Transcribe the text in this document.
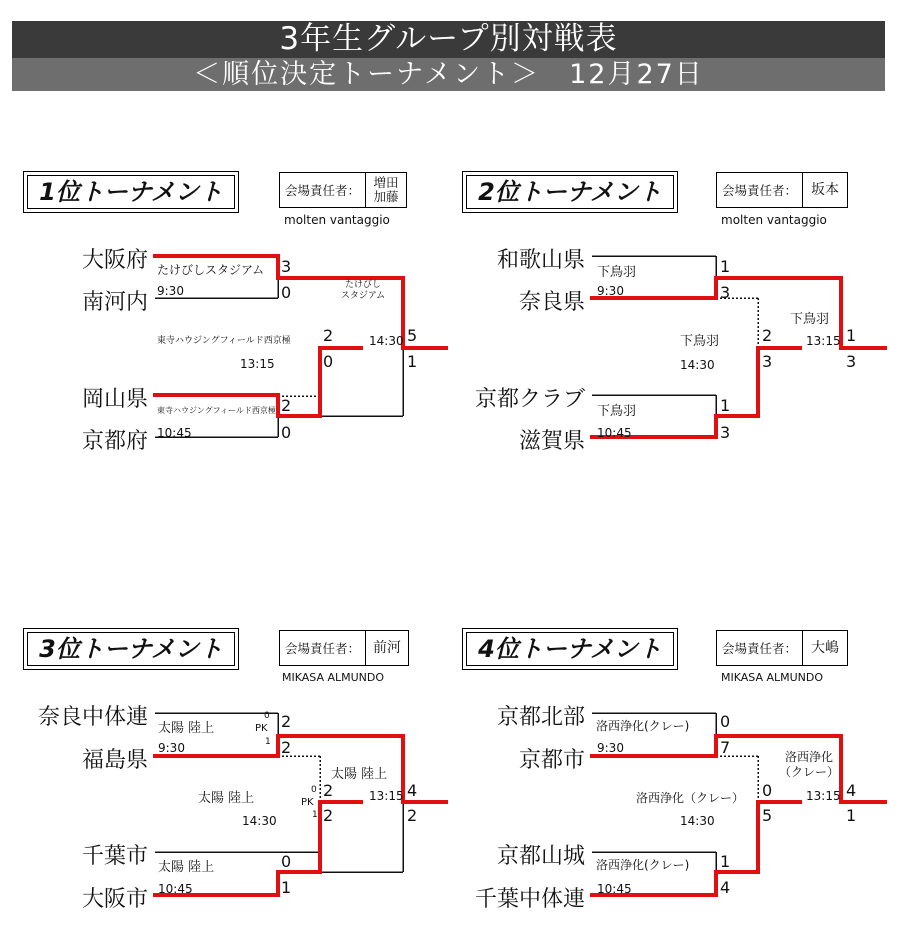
3年生グループ別対戦表
＜順位決定トーナメント＞　12月27日
1位トーナメント	会場責任者：
増田
加藤
molten vantaggio
大阪府
南河内
岡山県
京都府
たけびしスタジアム
9:30
3
0
東寺ハウジングフィールド西京極
10:45
2
0
東寺ハウジングフィールド西京極
13:15
2
0
たけびし
スタジアム
14:30 5
1
2位トーナメント	会場責任者：	坂本
molten vantaggio
和歌山県
奈良県
京都クラブ
滋賀県
下鳥羽
9:30
1
3
下鳥羽
10:45
1
3
下鳥羽
14:30
2
3
下鳥羽
13:15 1
3
3位トーナメント	会場責任者： 前河
MIKASA ALMUNDO
奈良中体連
福島県
千葉市
大阪市
太陽 陸上
9:30
0
PK
1
2
2
太陽 陸上
10:45
0
1
太陽 陸上
14:30
0
PK
1
2
2
太陽 陸上
13:15 4
2
4位トーナメント	会場責任者：	大嶋
MIKASA ALMUNDO
京都北部
京都市
京都山城
千葉中体連
洛西浄化(クレー)
9:30
0
7
洛西浄化(クレー)
10:45
1
4
洛西浄化（クレー）
14:30
0
5
洛西浄化
（クレー）
13:15 4
1
